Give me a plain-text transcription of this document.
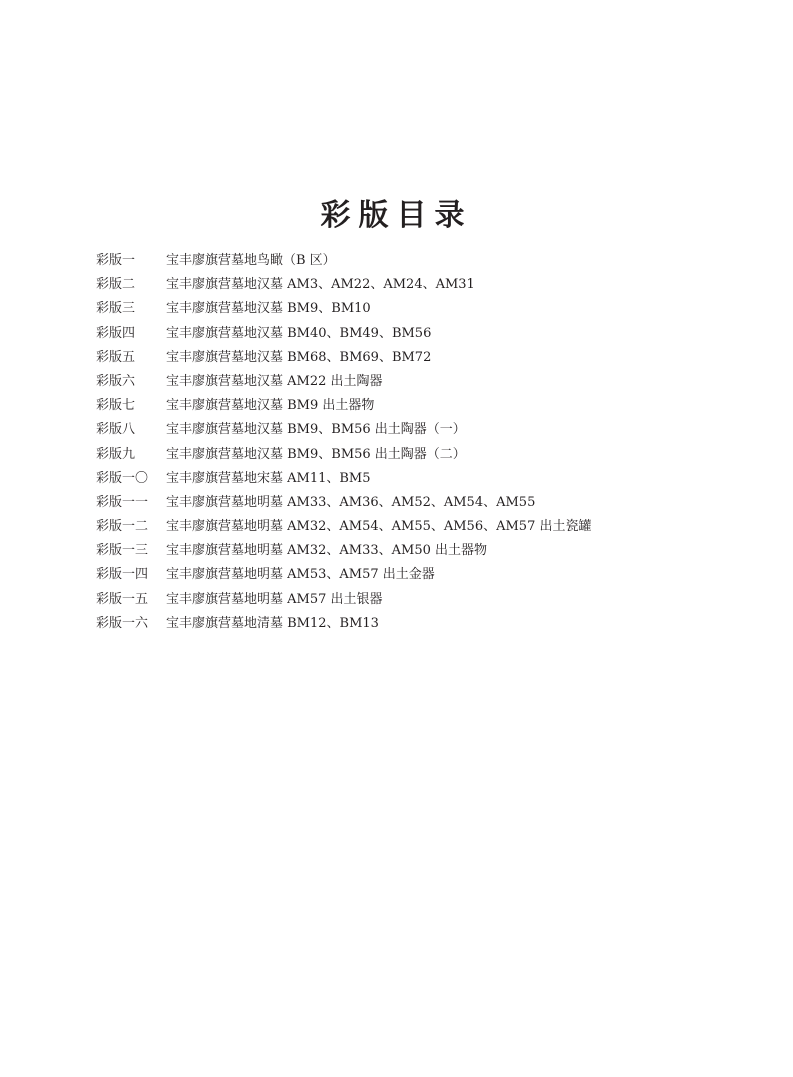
彩版目录
彩版一	宝丰廖旗营墓地鸟瞰（B 区）
彩版二	宝丰廖旗营墓地汉墓 AM3、AM22、AM24、AM31
彩版三	宝丰廖旗营墓地汉墓 BM9、BM10
彩版四	宝丰廖旗营墓地汉墓 BM40、BM49、BM56
彩版五	宝丰廖旗营墓地汉墓 BM68、BM69、BM72
彩版六	宝丰廖旗营墓地汉墓 AM22 出土陶器
彩版七	宝丰廖旗营墓地汉墓 BM9 出土器物
彩版八	宝丰廖旗营墓地汉墓 BM9、BM56 出土陶器（一）
彩版九	宝丰廖旗营墓地汉墓 BM9、BM56 出土陶器（二）
彩版一〇	宝丰廖旗营墓地宋墓 AM11、BM5
彩版一一	宝丰廖旗营墓地明墓 AM33、AM36、AM52、AM54、AM55
彩版一二	宝丰廖旗营墓地明墓 AM32、AM54、AM55、AM56、AM57 出土瓷罐
彩版一三	宝丰廖旗营墓地明墓 AM32、AM33、AM50 出土器物
彩版一四	宝丰廖旗营墓地明墓 AM53、AM57 出土金器
彩版一五	宝丰廖旗营墓地明墓 AM57 出土银器
彩版一六	宝丰廖旗营墓地清墓 BM12、BM13
